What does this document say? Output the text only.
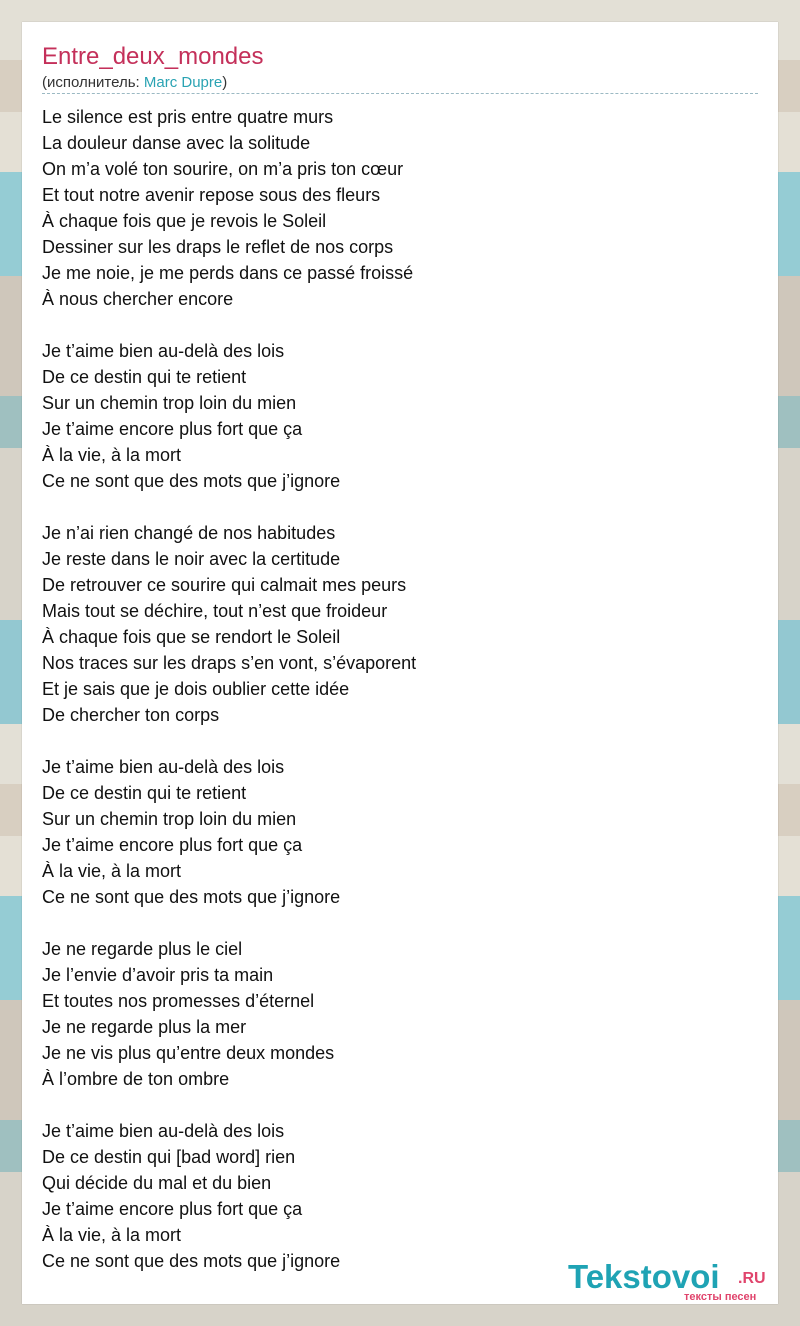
Entre_deux_mondes
(исполнитель: Marc Dupre)
Le silence est pris entre quatre murs
La douleur danse avec la solitude
On m’a volé ton sourire, on m’a pris ton cœur
Et tout notre avenir repose sous des fleurs
À chaque fois que je revois le Soleil
Dessiner sur les draps le reflet de nos corps
Je me noie, je me perds dans ce passé froissé
À nous chercher encore
Je t’aime bien au-delà des lois
De ce destin qui te retient
Sur un chemin trop loin du mien
Je t’aime encore plus fort que ça
À la vie, à la mort
Ce ne sont que des mots que j’ignore
Je n’ai rien changé de nos habitudes
Je reste dans le noir avec la certitude
De retrouver ce sourire qui calmait mes peurs
Mais tout se déchire, tout n’est que froideur
À chaque fois que se rendort le Soleil
Nos traces sur les draps s’en vont, s’évaporent
Et je sais que je dois oublier cette idée
De chercher ton corps
Je t’aime bien au-delà des lois
De ce destin qui te retient
Sur un chemin trop loin du mien
Je t’aime encore plus fort que ça
À la vie, à la mort
Ce ne sont que des mots que j’ignore
Je ne regarde plus le ciel
Je l’envie d’avoir pris ta main
Et toutes nos promesses d’éternel
Je ne regarde plus la mer
Je ne vis plus qu’entre deux mondes
À l’ombre de ton ombre
Je t’aime bien au-delà des lois
De ce destin qui [bad word] rien
Qui décide du mal et du bien
Je t’aime encore plus fort que ça
À la vie, à la mort
Ce ne sont que des mots que j’ignore	Tekstovoi .RU
тексты песен
